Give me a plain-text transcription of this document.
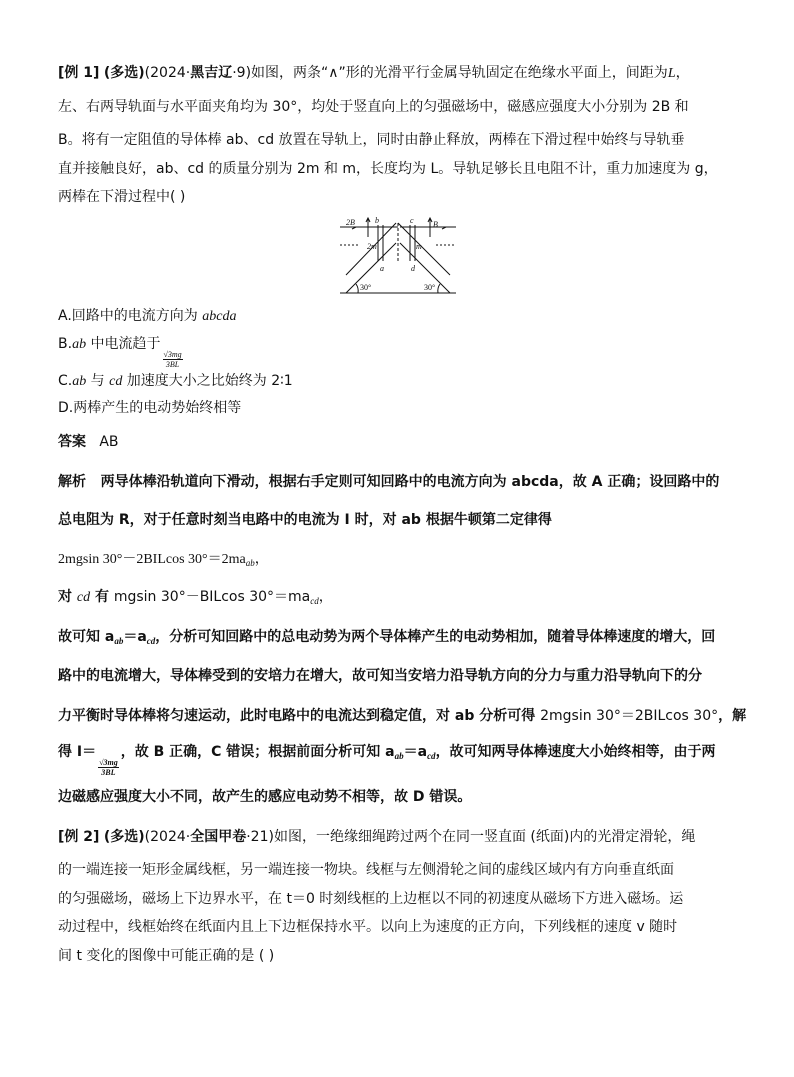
[例 1] (多选)(2024·黑吉辽·9)如图，两条“∧”形的光滑平行金属导轨固定在绝缘水平面上，间距为L，
左、右两导轨面与水平面夹角均为 30°，均处于竖直向上的匀强磁场中，磁感应强度大小分别为 2B 和
B。将有一定阻值的导体棒 ab、cd 放置在导轨上，同时由静止释放，两棒在下滑过程中始终与导轨垂
直并接触良好，ab、cd 的质量分别为 2m 和 m，长度均为 L。导轨足够长且电阻不计，重力加速度为 g，
两棒在下滑过程中( )
2B	b	c B
2m	m
a	d
30°	30°
A.回路中的电流方向为 abcda
B.ab 中电流趋于
$\frac{√3mg}{3BL}$
C.ab 与 cd 加速度大小之比始终为 2∶1
D.两棒产生的电动势始终相等
答案 AB
解析 两导体棒沿轨道向下滑动，根据右手定则可知回路中的电流方向为 abcda，故 A 正确；设回路中的
总电阻为 R，对于任意时刻当电路中的电流为 I 时，对 ab 根据牛顿第二定律得
2mgsin 30°－2BILcos $30^\circ=2ma_{ab}$，
对 cd 有 mgsin 30°－BILcos $30^\circ=ma_{cd}$，
故可知 $a_{ab}=a_{cd}$，分析可知回路中的总电动势为两个导体棒产生的电动势相加，随着导体棒速度的增大，回
路中的电流增大，导体棒受到的安培力在增大，故可知当安培力沿导轨方向的分力与重力沿导轨向下的分
力平衡时导体棒将匀速运动，此时电路中的电流达到稳定值，对 ab 分析可得 2mgsin 30°＝2BILcos 30°，解
得 I＝
$\frac{√3mg}{3BL}$
，故 B 正确，C 错误；根据前面分析可知 $a_{ab}=a_{cd}$，故可知两导体棒速度大小始终相等，由于两
边磁感应强度大小不同，故产生的感应电动势不相等，故 D 错误。
[例 2] (多选)(2024·全国甲卷·21)如图，一绝缘细绳跨过两个在同一竖直面 (纸面)内的光滑定滑轮，绳
的一端连接一矩形金属线框，另一端连接一物块。线框与左侧滑轮之间的虚线区域内有方向垂直纸面
的匀强磁场，磁场上下边界水平，在 t＝0 时刻线框的上边框以不同的初速度从磁场下方进入磁场。运
动过程中，线框始终在纸面内且上下边框保持水平。以向上为速度的正方向，下列线框的速度 v 随时
间 t 变化的图像中可能正确的是 ( )
